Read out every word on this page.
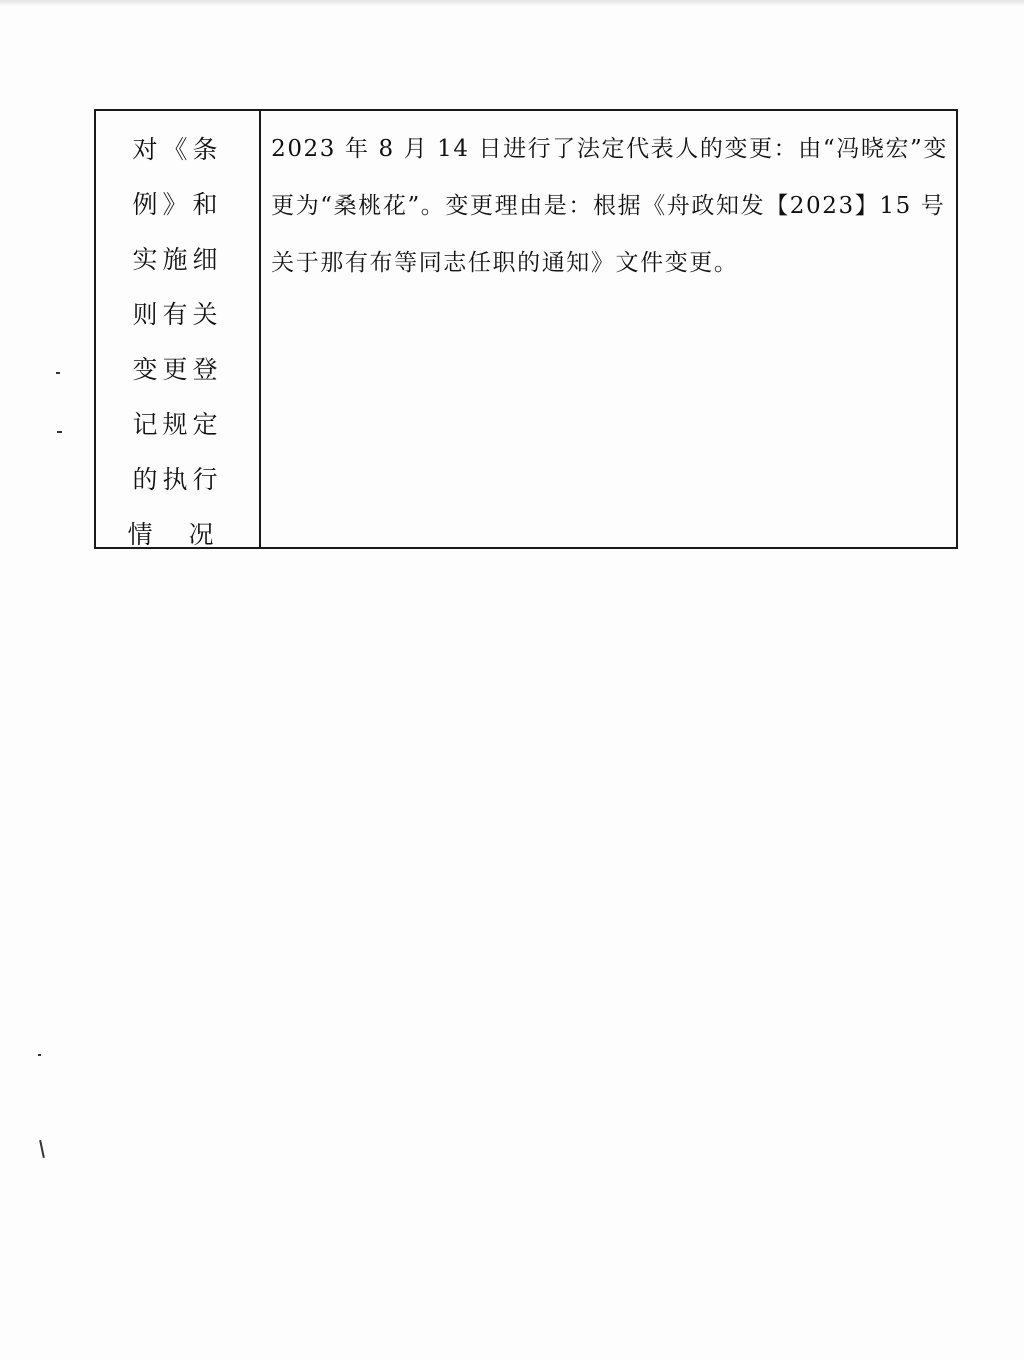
对《条
例》和
实施细
则有关
变更登
记规定
的执行
情 况
2023 年 8 月 14 日进行了法定代表人的变更：由“冯晓宏”变
更为“桑桃花”。变更理由是：根据《舟政知发【2023】15 号
关于那有布等同志任职的通知》文件变更。
